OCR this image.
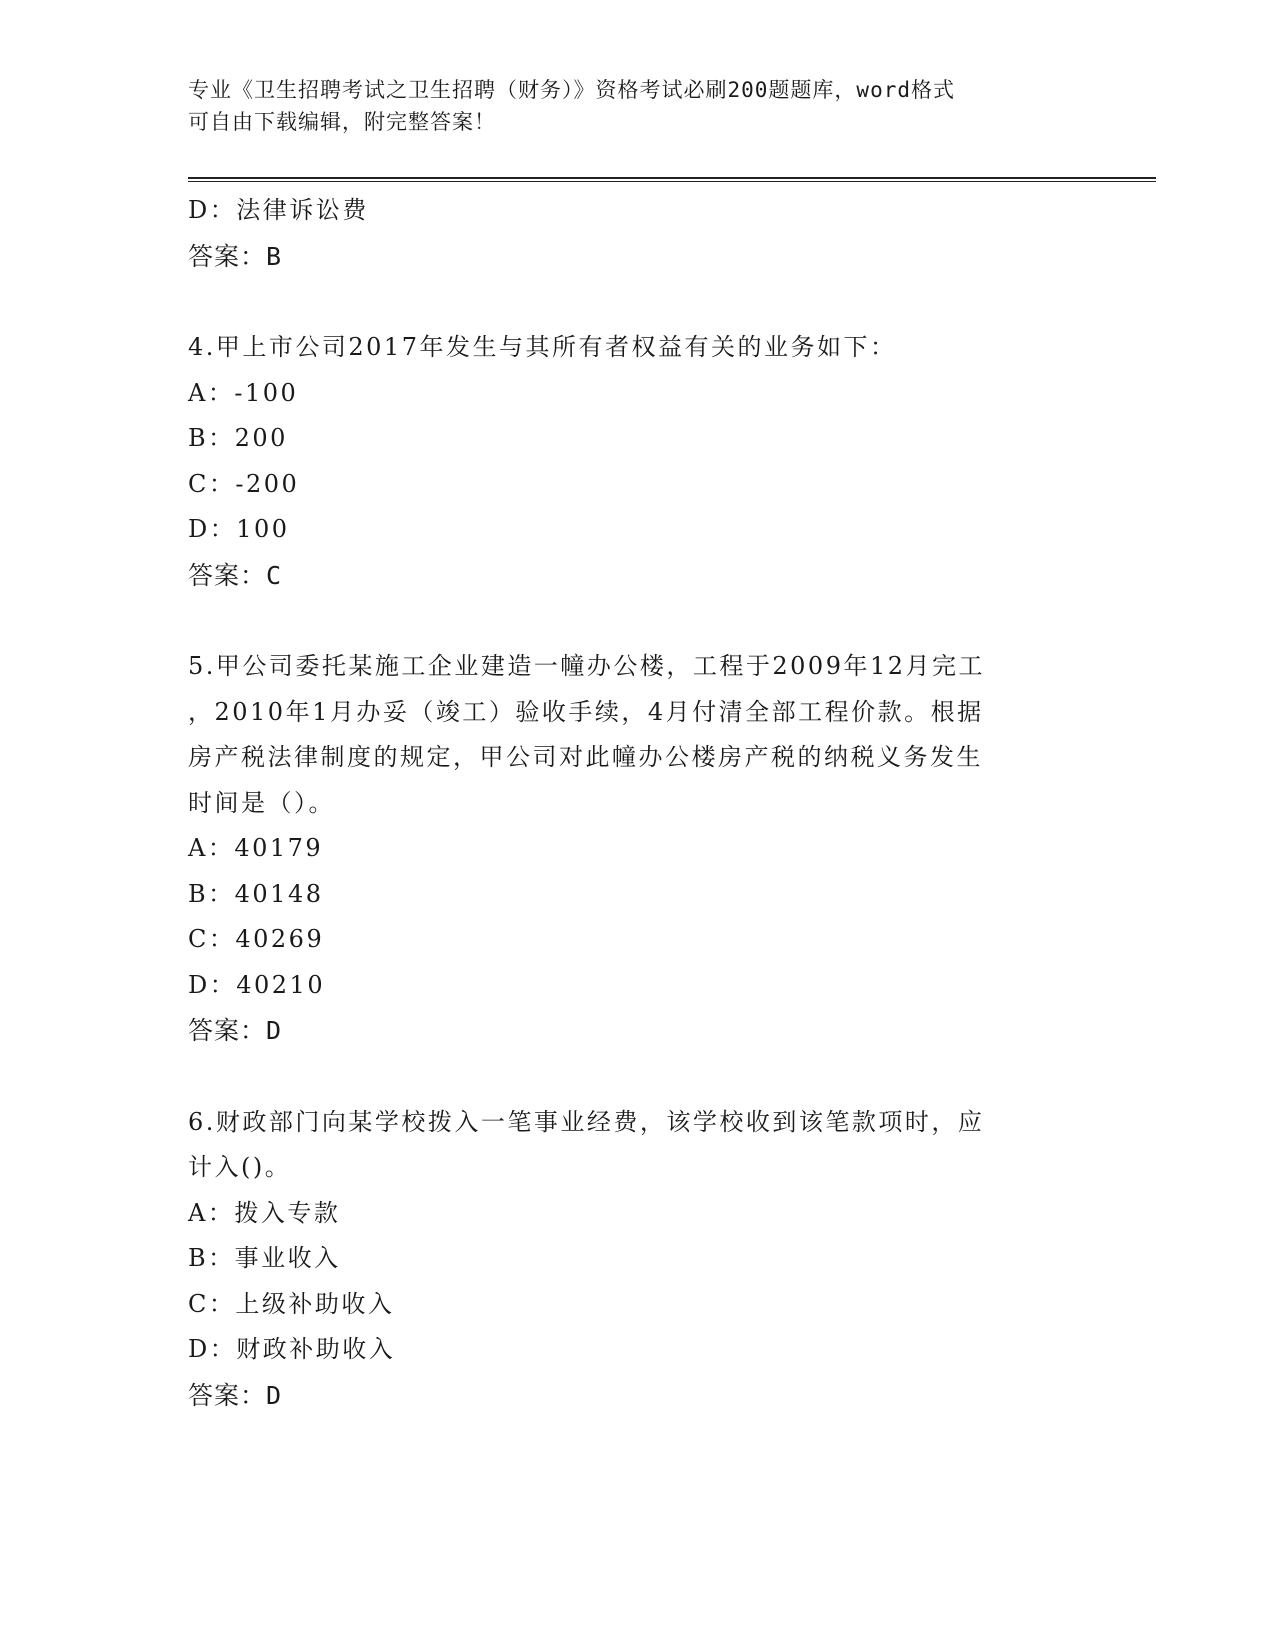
专业《卫生招聘考试之卫生招聘（财务）》资格考试必刷200题题库，word格式
可自由下载编辑，附完整答案！
D：法律诉讼费
答案：B
4.甲上市公司2017年发生与其所有者权益有关的业务如下：
A：-100
B：200
C：-200
D：100
答案：C
5.甲公司委托某施工企业建造一幢办公楼，工程于2009年12月完工
，2010年1月办妥（竣工）验收手续，4月付清全部工程价款。根据
房产税法律制度的规定，甲公司对此幢办公楼房产税的纳税义务发生
时间是（）。
A：40179
B：40148
C：40269
D：40210
答案：D
6.财政部门向某学校拨入一笔事业经费，该学校收到该笔款项时，应
计入()。
A：拨入专款
B：事业收入
C：上级补助收入
D：财政补助收入
答案：D
